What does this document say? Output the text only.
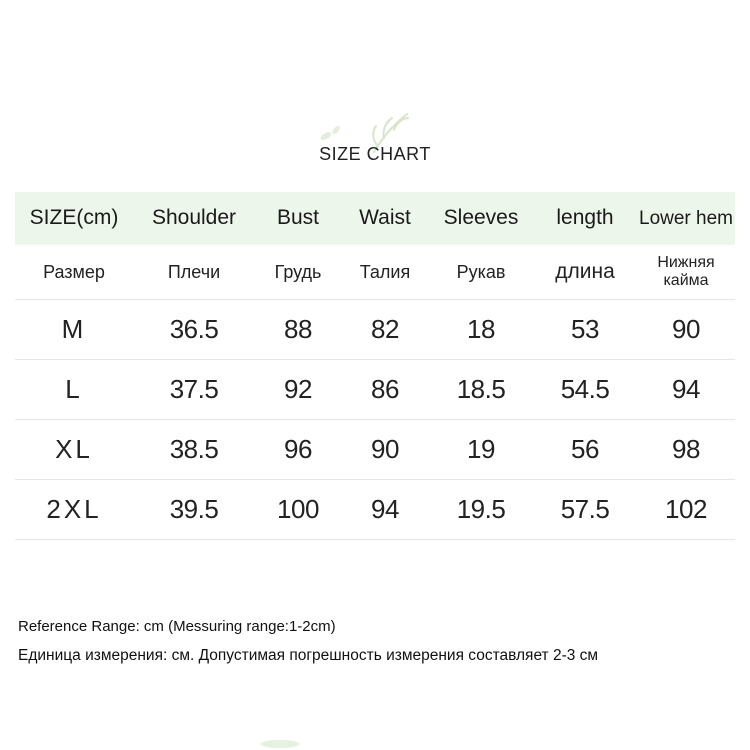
SIZE CHART
SIZE(cm)	Shoulder	Bust	Waist	Sleeves	length	Lower hem
Размер	Плечи	Грудь	Талия	Рукав	длина	Нижняя кайма
M	36.5	88	82	18	53	90
L	37.5	92	86	18.5	54.5	94
XL	38.5	96	90	19	56	98
2XL	39.5	100	94	19.5	57.5	102
Reference Range: cm (Messuring range:1-2cm)
Единица измерения: см. Допустимая погрешность измерения составляет 2-3 см
